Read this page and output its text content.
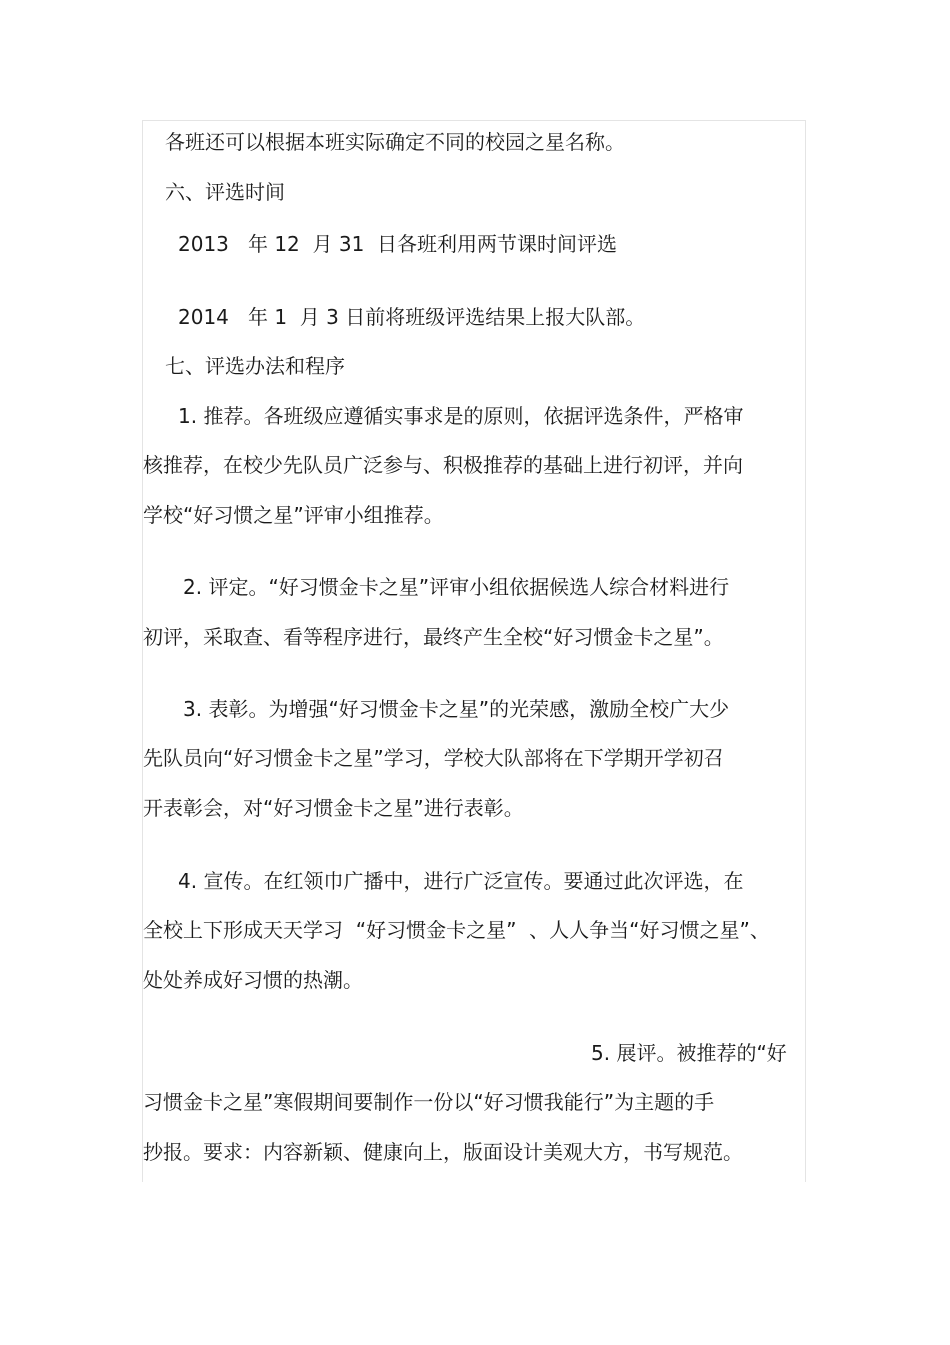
各班还可以根据本班实际确定不同的校园之星名称。
六、评选时间
2013   年 12  月 31  日各班利用两节课时间评选
2014   年 1  月 3 日前将班级评选结果上报大队部。
七、评选办法和程序
1. 推荐。各班级应遵循实事求是的原则，依据评选条件，严格审
核推荐，在校少先队员广泛参与、积极推荐的基础上进行初评，并向
学校“好习惯之星”评审小组推荐。
2. 评定。“好习惯金卡之星”评审小组依据候选人综合材料进行
初评，采取查、看等程序进行，最终产生全校“好习惯金卡之星”。
3. 表彰。为增强“好习惯金卡之星”的光荣感，激励全校广大少
先队员向“好习惯金卡之星”学习，学校大队部将在下学期开学初召
开表彰会，对“好习惯金卡之星”进行表彰。
4. 宣传。在红领巾广播中，进行广泛宣传。要通过此次评选，在
全校上下形成天天学习  “好习惯金卡之星”  、人人争当“好习惯之星”、
处处养成好习惯的热潮。
5. 展评。被推荐的“好
习惯金卡之星”寒假期间要制作一份以“好习惯我能行”为主题的手
抄报。要求：内容新颖、健康向上，版面设计美观大方，书写规范。
